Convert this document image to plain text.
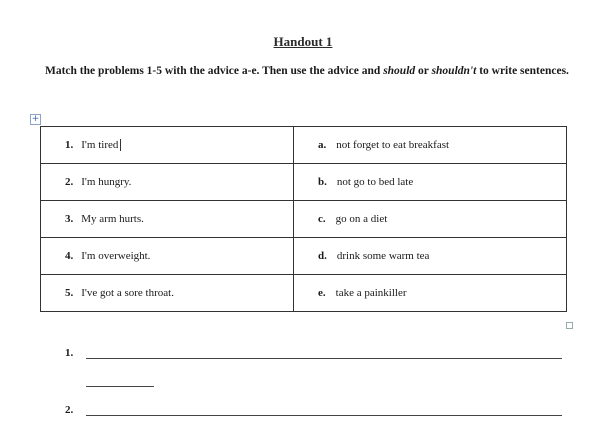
Handout 1
Match the problems 1-5 with the advice a-e. Then use the advice and should or shouldn't to write sentences.
+
1. I'm tired	a. not forget to eat breakfast
2. I'm hungry.	b. not go to bed late
3. My arm hurts.	c. go on a diet
4. I'm overweight.	d. drink some warm tea
5. I've got a sore throat.	e. take a painkiller
1.
2.
